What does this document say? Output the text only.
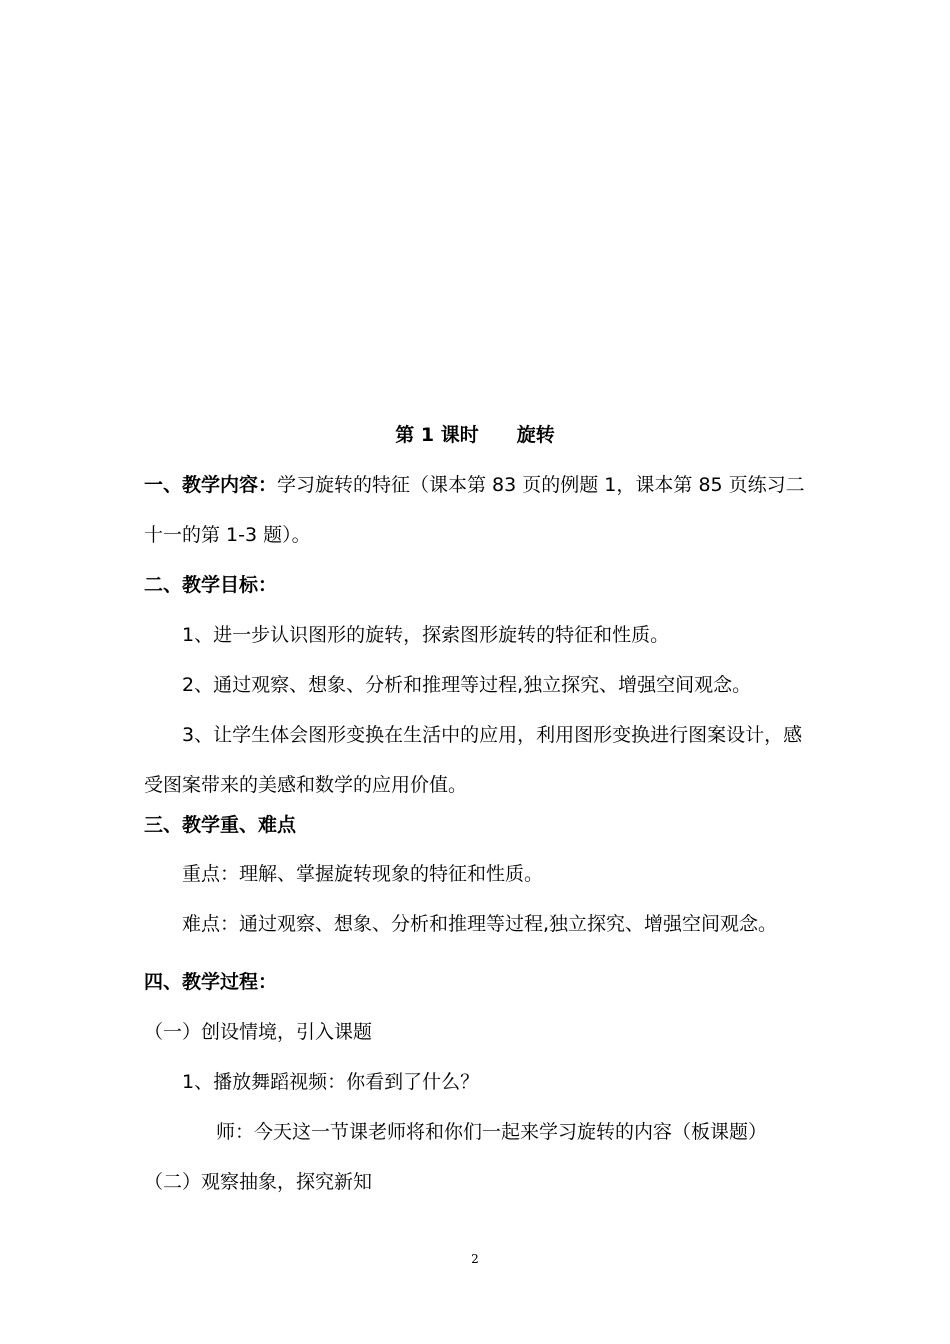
第 1 课时 旋转
一、教学内容：学习旋转的特征（课本第 83 页的例题 1，课本第 85 页练习二
十一的第 1-3 题）。
二、教学目标：
1、进一步认识图形的旋转，探索图形旋转的特征和性质。
2、通过观察、想象、分析和推理等过程,独立探究、增强空间观念。
3、让学生体会图形变换在生活中的应用，利用图形变换进行图案设计，感
受图案带来的美感和数学的应用价值。
三、教学重、难点
重点：理解、掌握旋转现象的特征和性质。
难点：通过观察、想象、分析和推理等过程,独立探究、增强空间观念。
四、教学过程：
（一）创设情境，引入课题
1、播放舞蹈视频：你看到了什么？
师：今天这一节课老师将和你们一起来学习旋转的内容（板课题）
（二）观察抽象，探究新知
2
